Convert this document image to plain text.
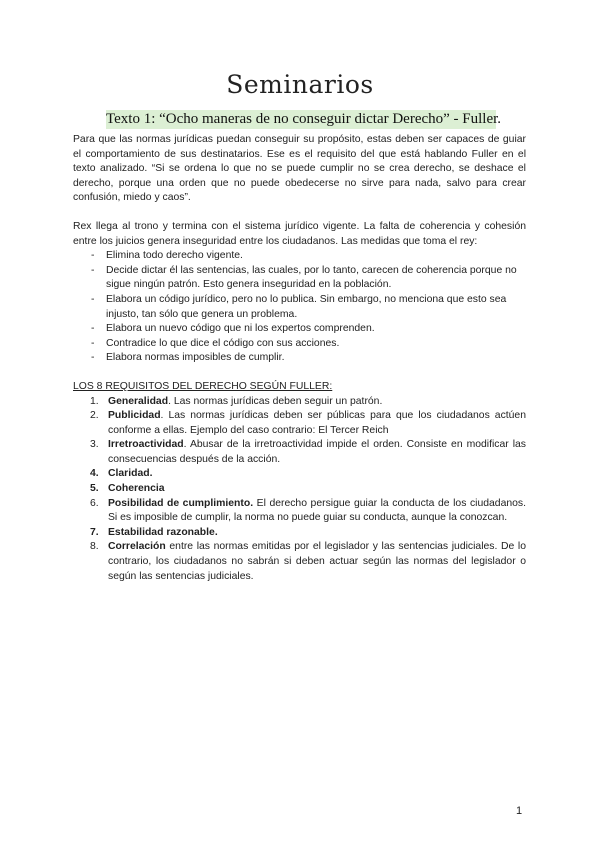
Seminarios
Texto 1: “Ocho maneras de no conseguir dictar Derecho” - Fuller.

Para que las normas jurídicas puedan conseguir su propósito, estas deben ser capaces de guiar el comportamiento de sus destinatarios. Ese es el requisito del que está hablando Fuller en el texto analizado. “Si se ordena lo que no se puede cumplir no se crea derecho, se deshace el derecho, porque una orden que no puede obedecerse no sirve para nada, salvo para crear confusión, miedo y caos”.

Rex llega al trono y termina con el sistema jurídico vigente. La falta de coherencia y cohesión entre los juicios genera inseguridad entre los ciudadanos. Las medidas que toma el rey:

- Elimina todo derecho vigente.
- Decide dictar él las sentencias, las cuales, por lo tanto, carecen de coherencia porque no sigue ningún patrón. Esto genera inseguridad en la población.
- Elabora un código jurídico, pero no lo publica. Sin embargo, no menciona que esto sea injusto, tan sólo que genera un problema.
- Elabora un nuevo código que ni los expertos comprenden.
- Contradice lo que dice el código con sus acciones.
- Elabora normas imposibles de cumplir.

LOS 8 REQUISITOS DEL DERECHO SEGÚN FULLER:

1. Generalidad. Las normas jurídicas deben seguir un patrón.
2. Publicidad. Las normas jurídicas deben ser públicas para que los ciudadanos actúen conforme a ellas. Ejemplo del caso contrario: El Tercer Reich
3. Irretroactividad. Abusar de la irretroactividad impide el orden. Consiste en modificar las consecuencias después de la acción.
4. Claridad.
5. Coherencia
6. Posibilidad de cumplimiento. El derecho persigue guiar la conducta de los ciudadanos. Si es imposible de cumplir, la norma no puede guiar su conducta, aunque la conozcan.
7. Estabilidad razonable.
8. Correlación entre las normas emitidas por el legislador y las sentencias judiciales. De lo contrario, los ciudadanos no sabrán si deben actuar según las normas del legislador o según las sentencias judiciales.
1
